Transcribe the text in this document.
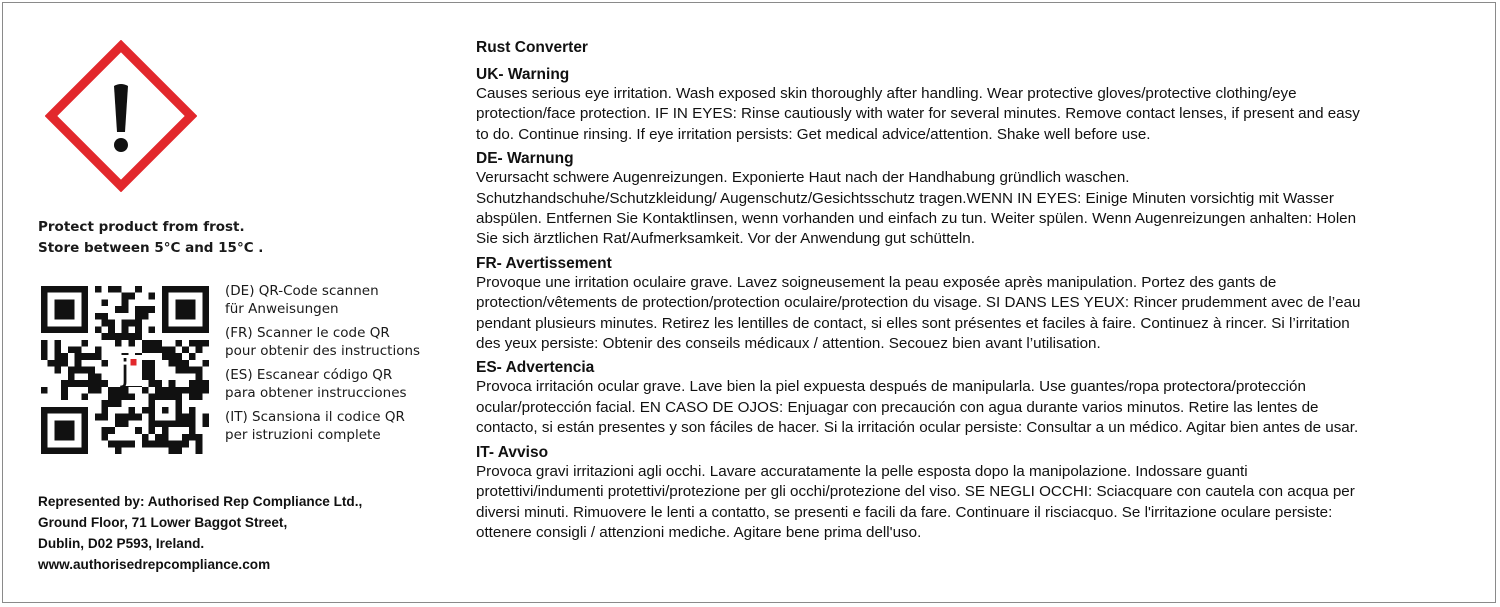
Protect product from frost.
Store between 5°C and 15°C .
j
(DE) QR-Code scannen
für Anweisungen
(FR) Scanner le code QR
pour obtenir des instructions
(ES) Escanear código QR
para obtener instrucciones
(IT) Scansiona il codice QR
per istruzioni complete
Represented by: Authorised Rep Compliance Ltd.,
Ground Floor, 71 Lower Baggot Street,
Dublin, D02 P593, Ireland.
www.authorisedrepcompliance.com
Rust Converter
UK- Warning
Causes serious eye irritation. Wash exposed skin thoroughly after handling. Wear protective gloves/protective clothing/eye
protection/face protection. IF IN EYES: Rinse cautiously with water for several minutes. Remove contact lenses, if present and easy
to do. Continue rinsing. If eye irritation persists: Get medical advice/attention. Shake well before use.
DE- Warnung
Verursacht schwere Augenreizungen. Exponierte Haut nach der Handhabung gründlich waschen.
Schutzhandschuhe/Schutzkleidung/ Augenschutz/Gesichtsschutz tragen.WENN IN EYES: Einige Minuten vorsichtig mit Wasser
abspülen. Entfernen Sie Kontaktlinsen, wenn vorhanden und einfach zu tun. Weiter spülen. Wenn Augenreizungen anhalten: Holen
Sie sich ärztlichen Rat/Aufmerksamkeit. Vor der Anwendung gut schütteln.
FR- Avertissement
Provoque une irritation oculaire grave. Lavez soigneusement la peau exposée après manipulation. Portez des gants de
protection/vêtements de protection/protection oculaire/protection du visage. SI DANS LES YEUX: Rincer prudemment avec de l’eau
pendant plusieurs minutes. Retirez les lentilles de contact, si elles sont présentes et faciles à faire. Continuez à rincer. Si l’irritation
des yeux persiste: Obtenir des conseils médicaux / attention. Secouez bien avant l’utilisation.
ES- Advertencia
Provoca irritación ocular grave. Lave bien la piel expuesta después de manipularla. Use guantes/ropa protectora/protección
ocular/protección facial. EN CASO DE OJOS: Enjuagar con precaución con agua durante varios minutos. Retire las lentes de
contacto, si están presentes y son fáciles de hacer. Si la irritación ocular persiste: Consultar a un médico. Agitar bien antes de usar.
IT- Avviso
Provoca gravi irritazioni agli occhi. Lavare accuratamente la pelle esposta dopo la manipolazione. Indossare guanti
protettivi/indumenti protettivi/protezione per gli occhi/protezione del viso. SE NEGLI OCCHI: Sciacquare con cautela con acqua per
diversi minuti. Rimuovere le lenti a contatto, se presenti e facili da fare. Continuare il risciacquo. Se l'irritazione oculare persiste:
ottenere consigli / attenzioni mediche. Agitare bene prima dell'uso.
